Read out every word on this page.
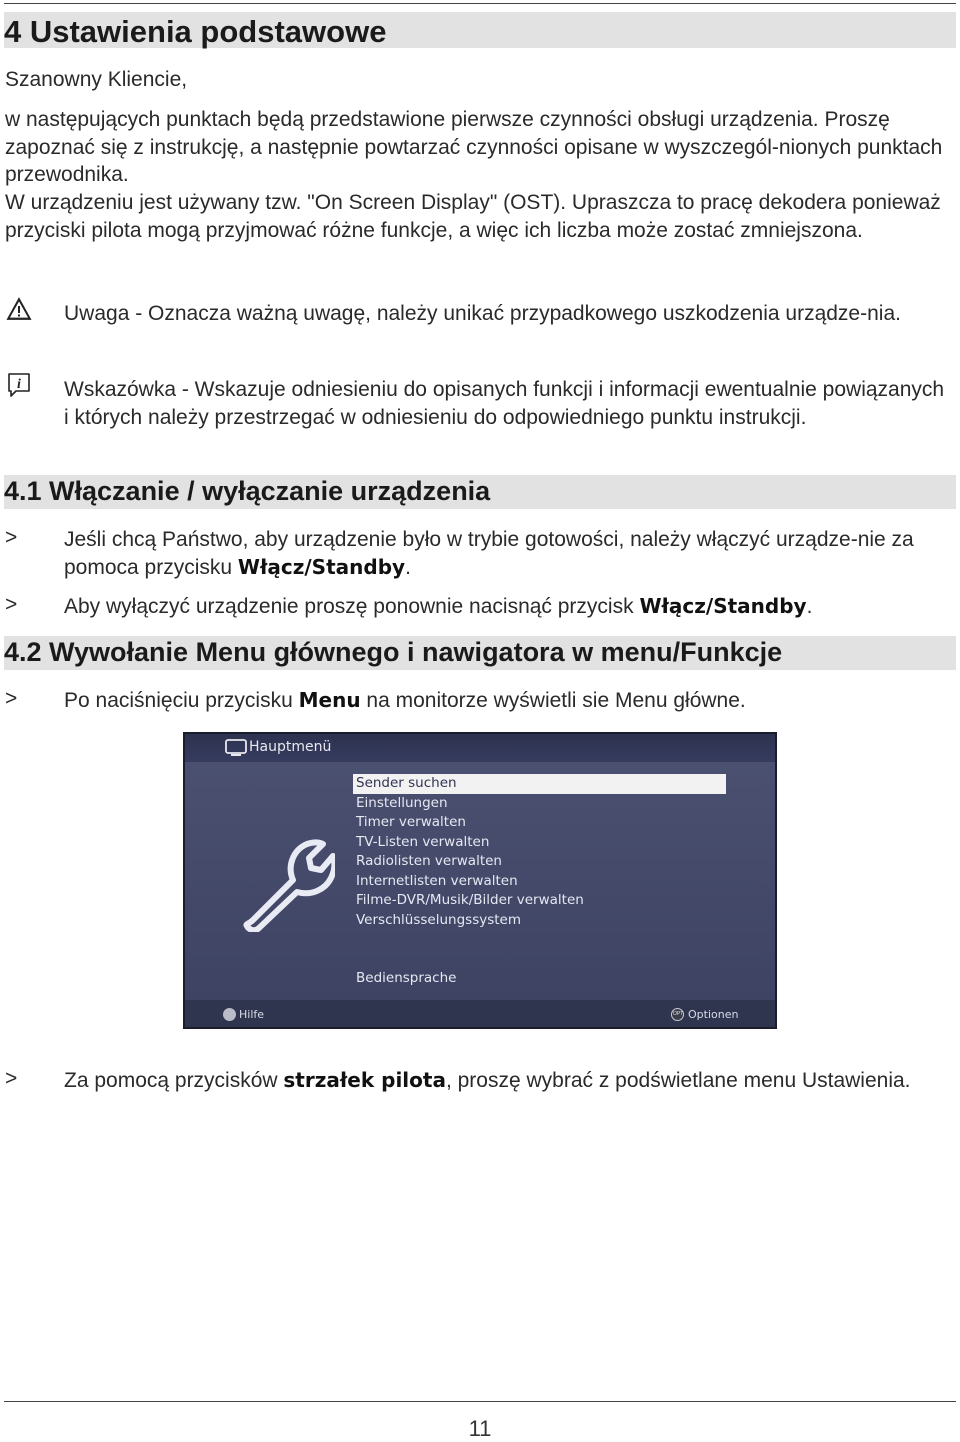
4 Ustawienia podstawowe

Szanowny Kliencie,

w następujących punktach będą przedstawione pierwsze czynności obsługi urządzenia. Proszę zapoznać się z instrukcję, a następnie powtarzać czynności opisane w wyszczegól-nionych punktach przewodnika.

W urządzeniu jest używany tzw. "On Screen Display" (OST). Upraszcza to pracę dekodera ponieważ przyciski pilota mogą przyjmować różne funkcje, a więc ich liczba może zostać zmniejszona.

Uwaga - Oznacza ważną uwagę, należy unikać przypadkowego uszkodzenia urządze-nia.

i Wskazówka - Wskazuje odniesieniu do opisanych funkcji i informacji ewentualnie powiązanych i których należy przestrzegać w odniesieniu do odpowiedniego punktu instrukcji.

4.1 Włączanie / wyłączanie urządzenia
> Jeśli chcą Państwo, aby urządzenie było w trybie gotowości, należy włączyć urządze-nie za pomoca przycisku Włącz/Standby.

> Aby wyłączyć urządzenie proszę ponownie nacisnąć przycisk Włącz/Standby.

4.2 Wywołanie Menu głównego i nawigatora w menu/Funkcje
> Po naciśnięciu przycisku Menu na monitorze wyświetli sie Menu główne.

Hauptmenü
Sender suchen
Einstellungen
Timer verwalten
TV-Listen verwalten
Radiolisten verwalten
Internetlisten verwalten
Filme-DVR/Musik/Bilder verwalten
Verschlüsselungssystem
Bediensprache
Hilfe	OPT Optionen
> Za pomocą przycisków strzałek pilota, proszę wybrać z podświetlane menu Ustawienia.

11
